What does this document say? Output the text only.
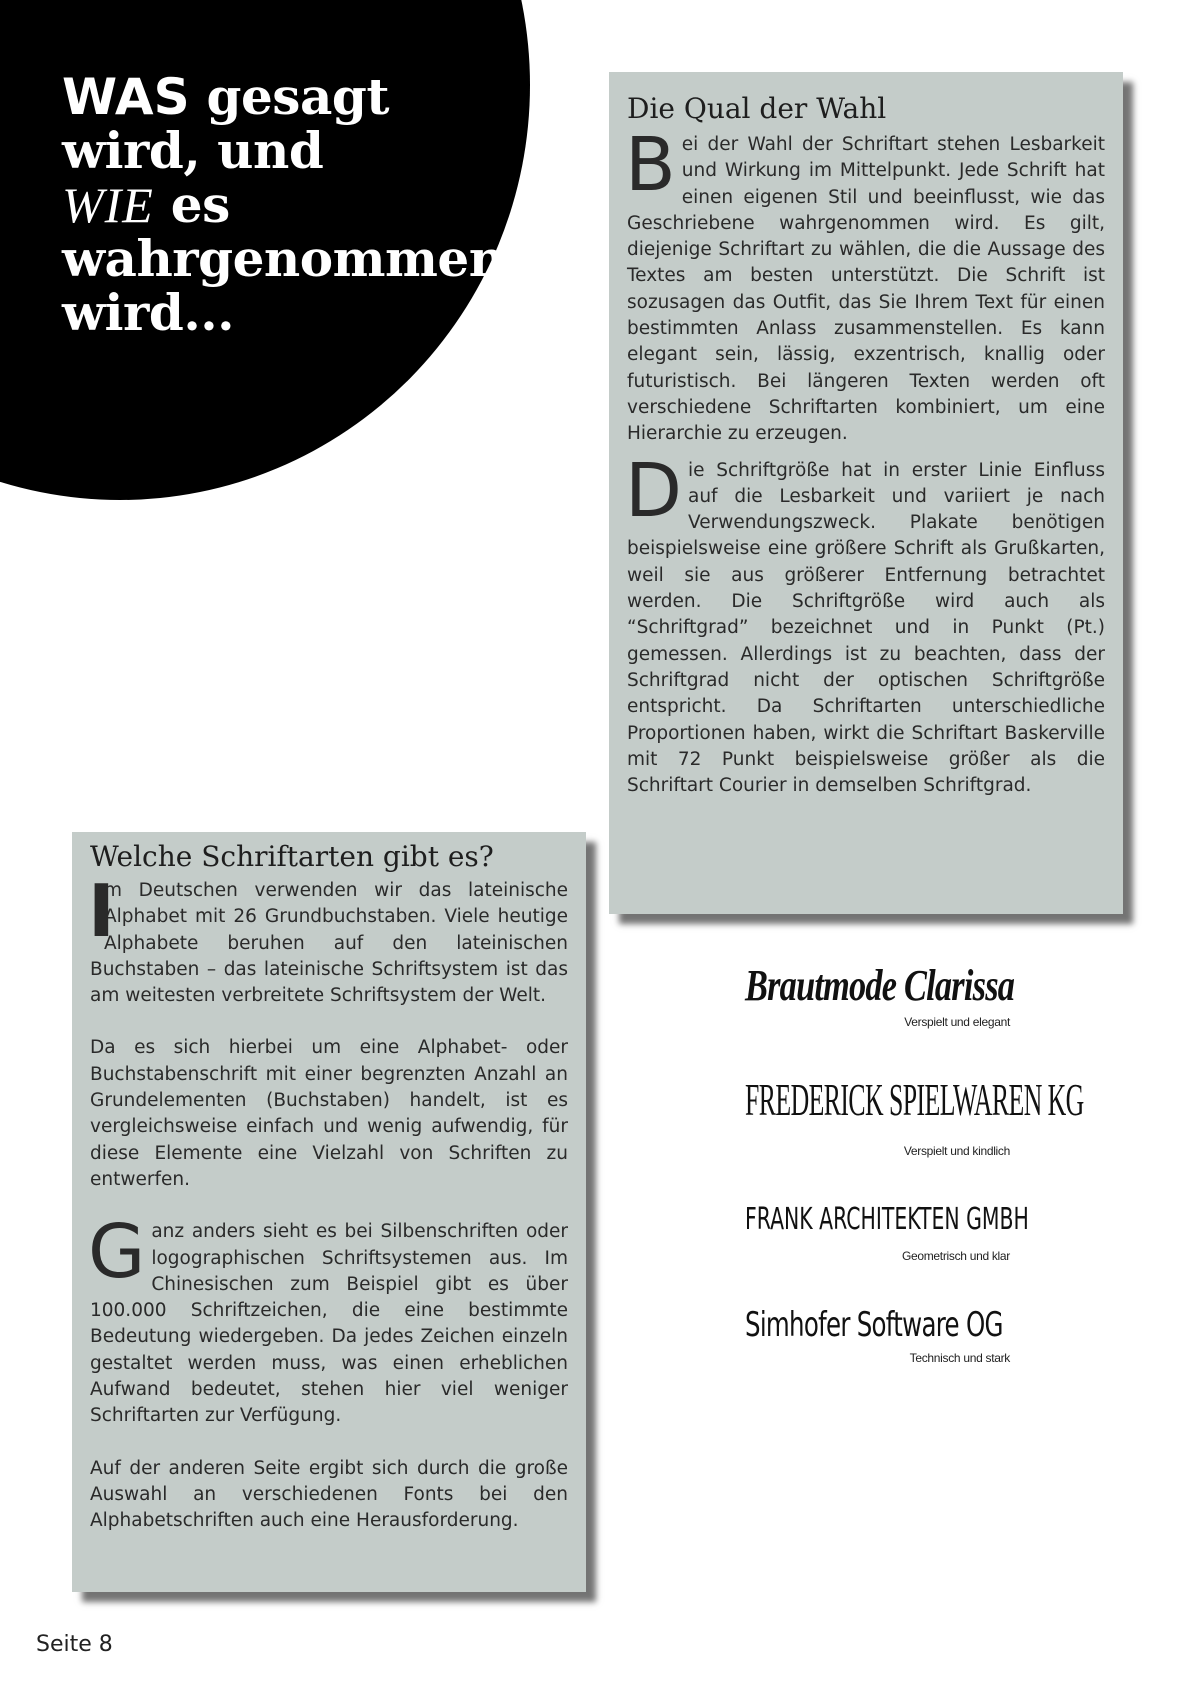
WAS gesagt
wird, und
WIE es
wahrgenommen
wird...
Die Qual der Wahl

Bei der Wahl der Schriftart stehen Lesbarkeit und Wirkung im Mittelpunkt. Jede Schrift hat einen eigenen Stil und beeinflusst, wie das Geschriebene wahrgenommen wird. Es gilt, diejenige Schriftart zu wählen, die die Aussage des Textes am besten unterstützt. Die Schrift ist sozusagen das Outfit, das Sie Ihrem Text für einen bestimmten Anlass zusammenstellen. Es kann elegant sein, lässig, exzentrisch, knallig oder futuristisch. Bei längeren Texten werden oft verschiedene Schriftarten kombiniert, um eine Hierarchie zu erzeugen.

Die Schriftgröße hat in erster Linie Einfluss auf die Lesbarkeit und variiert je nach Verwendungszweck. Plakate benötigen beispielsweise eine größere Schrift als Grußkarten, weil sie aus größerer Entfernung betrachtet werden. Die Schriftgröße wird auch als “Schriftgrad” bezeichnet und in Punkt (Pt.) gemessen. Allerdings ist zu beachten, dass der Schriftgrad nicht der optischen Schriftgröße entspricht. Da Schriftarten unterschiedliche Proportionen haben, wirkt die Schriftart Baskerville mit 72 Punkt beispielsweise größer als die Schriftart Courier in demselben Schriftgrad.

Welche Schriftarten gibt es?

I
m Deutschen verwenden wir das lateinische Alphabet mit 26 Grundbuchstaben. Viele heutige Alphabete beruhen auf den lateinischen Buchstaben – das lateinische Schriftsystem ist das am weitesten verbreitete Schriftsystem der Welt.

Da es sich hierbei um eine Alphabet- oder Buchstabenschrift mit einer begrenzten Anzahl an Grundelementen (Buchstaben) handelt, ist es vergleichsweise einfach und wenig aufwendig, für diese Elemente eine Vielzahl von Schriften zu entwerfen.

Ganz anders sieht es bei Silbenschriften oder logographischen Schriftsystemen aus. Im Chinesischen zum Beispiel gibt es über 100.000 Schriftzeichen, die eine bestimmte Bedeutung wiedergeben. Da jedes Zeichen einzeln gestaltet werden muss, was einen erheblichen Aufwand bedeutet, stehen hier viel weniger Schriftarten zur Verfügung.

Auf der anderen Seite ergibt sich durch die große Auswahl an verschiedenen Fonts bei den Alphabetschriften auch eine Herausforderung.

Brautmode Clarissa
Verspielt und elegant
FREDERICK SPIELWAREN KG
Verspielt und kindlich
FRANK ARCHITEKTEN GMBH
Geometrisch und klar
Simhofer Software OG
Technisch und stark
Seite 8
